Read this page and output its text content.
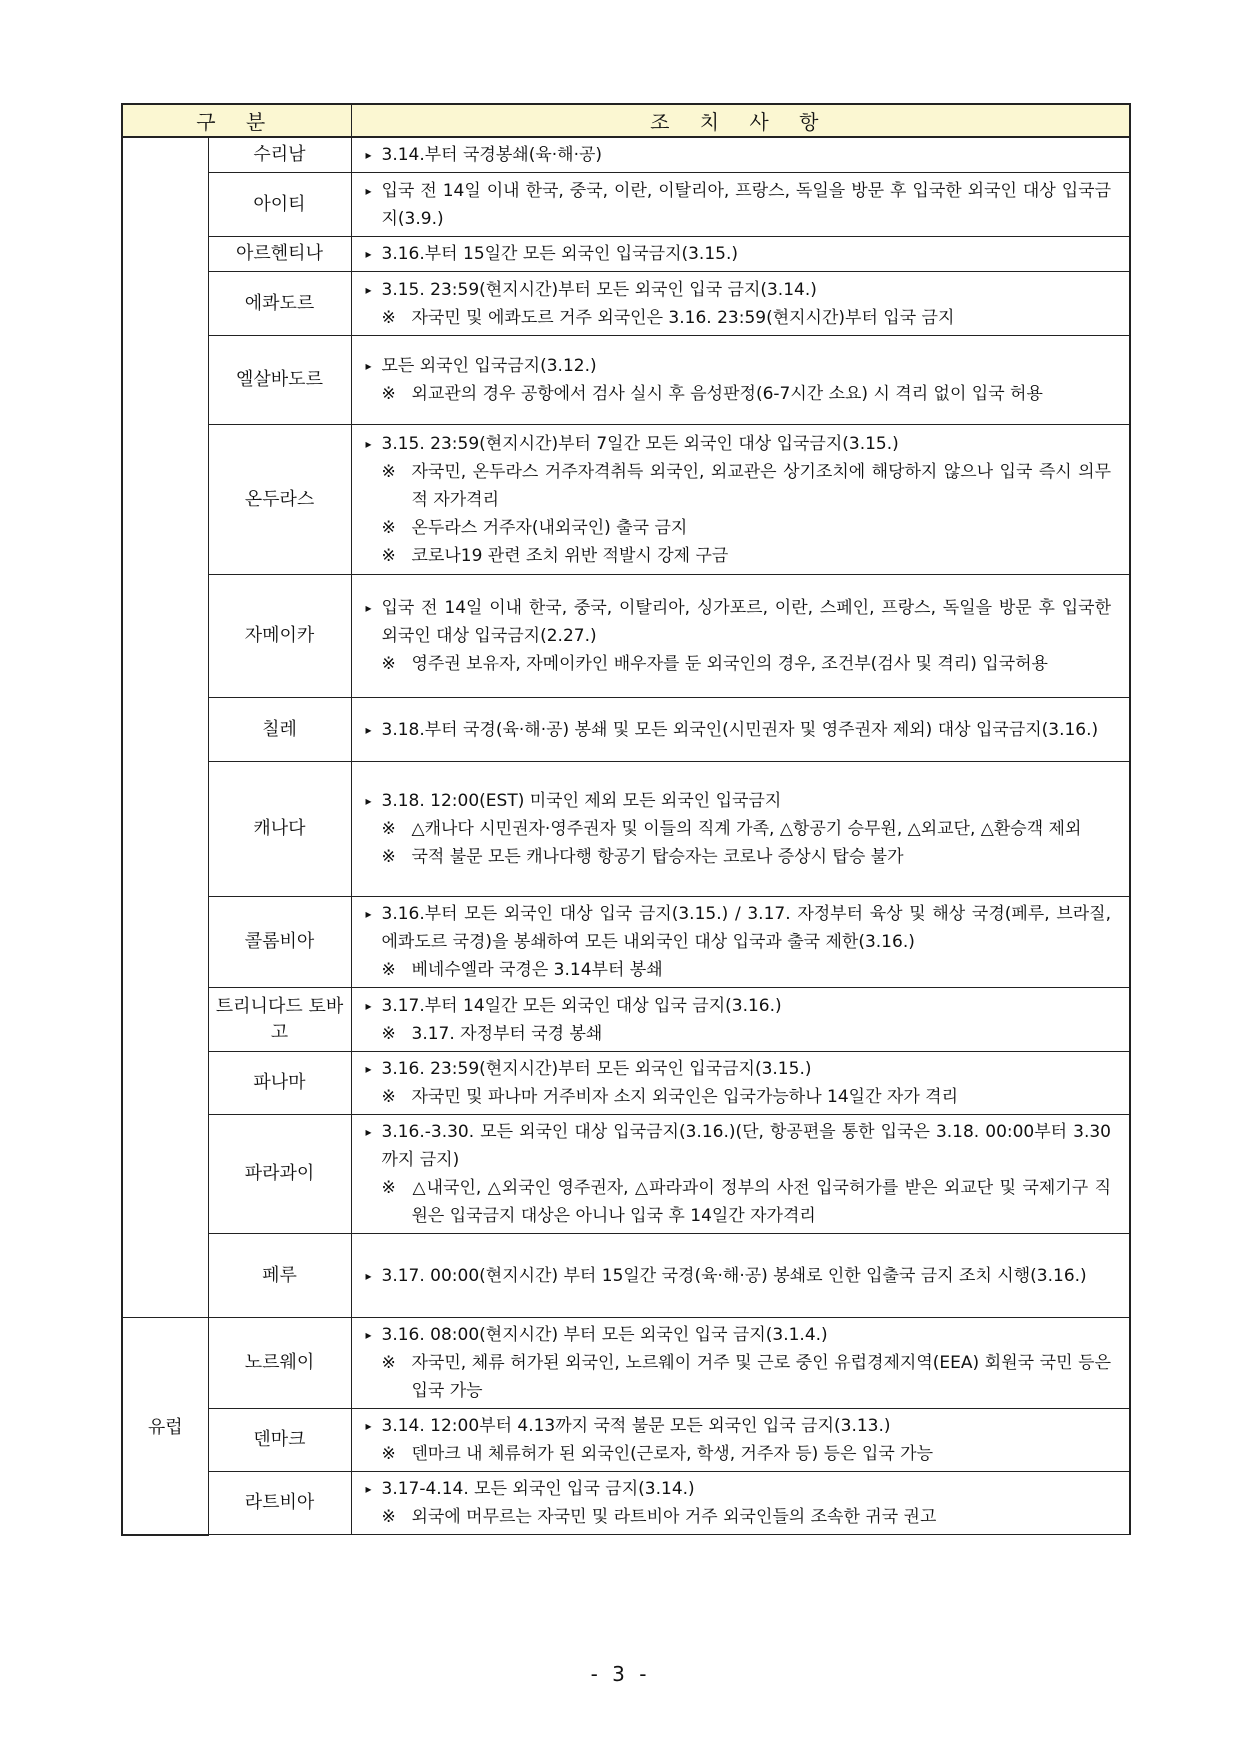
구 분		조 치 사 항
	수리남	▸ 3.14.부터 국경봉쇄(육·해·공)

	아이티	▸ 입국 전 14일 이내 한국, 중국, 이란, 이탈리아, 프랑스, 독일을 방문 후 입국한 외국인 대상 입국금지(3.9.)

	아르헨티나	▸ 3.16.부터 15일간 모든 외국인 입국금지(3.15.)

	에콰도르	▸ 3.15. 23:59(현지시간)부터 모든 외국인 입국 금지(3.14.)
※ 자국민 및 에콰도르 거주 외국인은 3.16. 23:59(현지시간)부터 입국 금지

	엘살바도르	▸ 모든 외국인 입국금지(3.12.)
※ 외교관의 경우 공항에서 검사 실시 후 음성판정(6-7시간 소요) 시 격리 없이 입국 허용

	온두라스	▸ 3.15. 23:59(현지시간)부터 7일간 모든 외국인 대상 입국금지(3.15.)
※ 자국민, 온두라스 거주자격취득 외국인, 외교관은 상기조치에 해당하지 않으나 입국 즉시 의무적 자가격리
※ 온두라스 거주자(내외국인) 출국 금지
※ 코로나19 관련 조치 위반 적발시 강제 구금

	자메이카	▸ 입국 전 14일 이내 한국, 중국, 이탈리아, 싱가포르, 이란, 스페인, 프랑스, 독일을 방문 후 입국한 외국인 대상 입국금지(2.27.)
※ 영주권 보유자, 자메이카인 배우자를 둔 외국인의 경우, 조건부(검사 및 격리) 입국허용

	칠레	▸ 3.18.부터 국경(육·해·공) 봉쇄 및 모든 외국인(시민권자 및 영주권자 제외) 대상 입국금지(3.16.)

	캐나다	▸ 3.18. 12:00(EST) 미국인 제외 모든 외국인 입국금지
※ △캐나다 시민권자·영주권자 및 이들의 직계 가족, △항공기 승무원, △외교단, △환승객 제외
※ 국적 불문 모든 캐나다행 항공기 탑승자는 코로나 증상시 탑승 불가

	콜롬비아	▸ 3.16.부터 모든 외국인 대상 입국 금지(3.15.) / 3.17. 자정부터 육상 및 해상 국경(페루, 브라질, 에콰도르 국경)을 봉쇄하여 모든 내외국인 대상 입국과 출국 제한(3.16.)
※ 베네수엘라 국경은 3.14부터 봉쇄

	트리니다드 토바고	▸ 3.17.부터 14일간 모든 외국인 대상 입국 금지(3.16.)
※ 3.17. 자정부터 국경 봉쇄

	파나마	▸ 3.16. 23:59(현지시간)부터 모든 외국인 입국금지(3.15.)
※ 자국민 및 파나마 거주비자 소지 외국인은 입국가능하나 14일간 자가 격리

	파라과이	▸ 3.16.-3.30. 모든 외국인 대상 입국금지(3.16.)(단, 항공편을 통한 입국은 3.18. 00:00부터 3.30까지 금지)
※ △내국인, △외국인 영주권자, △파라과이 정부의 사전 입국허가를 받은 외교단 및 국제기구 직원은 입국금지 대상은 아니나 입국 후 14일간 자가격리

	페루	▸ 3.17. 00:00(현지시간) 부터 15일간 국경(육·해·공) 봉쇄로 인한 입출국 금지 조치 시행(3.16.)

유럽	노르웨이	▸ 3.16. 08:00(현지시간) 부터 모든 외국인 입국 금지(3.1.4.)
※ 자국민, 체류 허가된 외국인, 노르웨이 거주 및 근로 중인 유럽경제지역(EEA) 회원국 국민 등은 입국 가능

	덴마크	▸ 3.14. 12:00부터 4.13까지 국적 불문 모든 외국인 입국 금지(3.13.)
※ 덴마크 내 체류허가 된 외국인(근로자, 학생, 거주자 등) 등은 입국 가능

	라트비아	▸ 3.17-4.14. 모든 외국인 입국 금지(3.14.)
※ 외국에 머무르는 자국민 및 라트비아 거주 외국인들의 조속한 귀국 권고
- 3 -
